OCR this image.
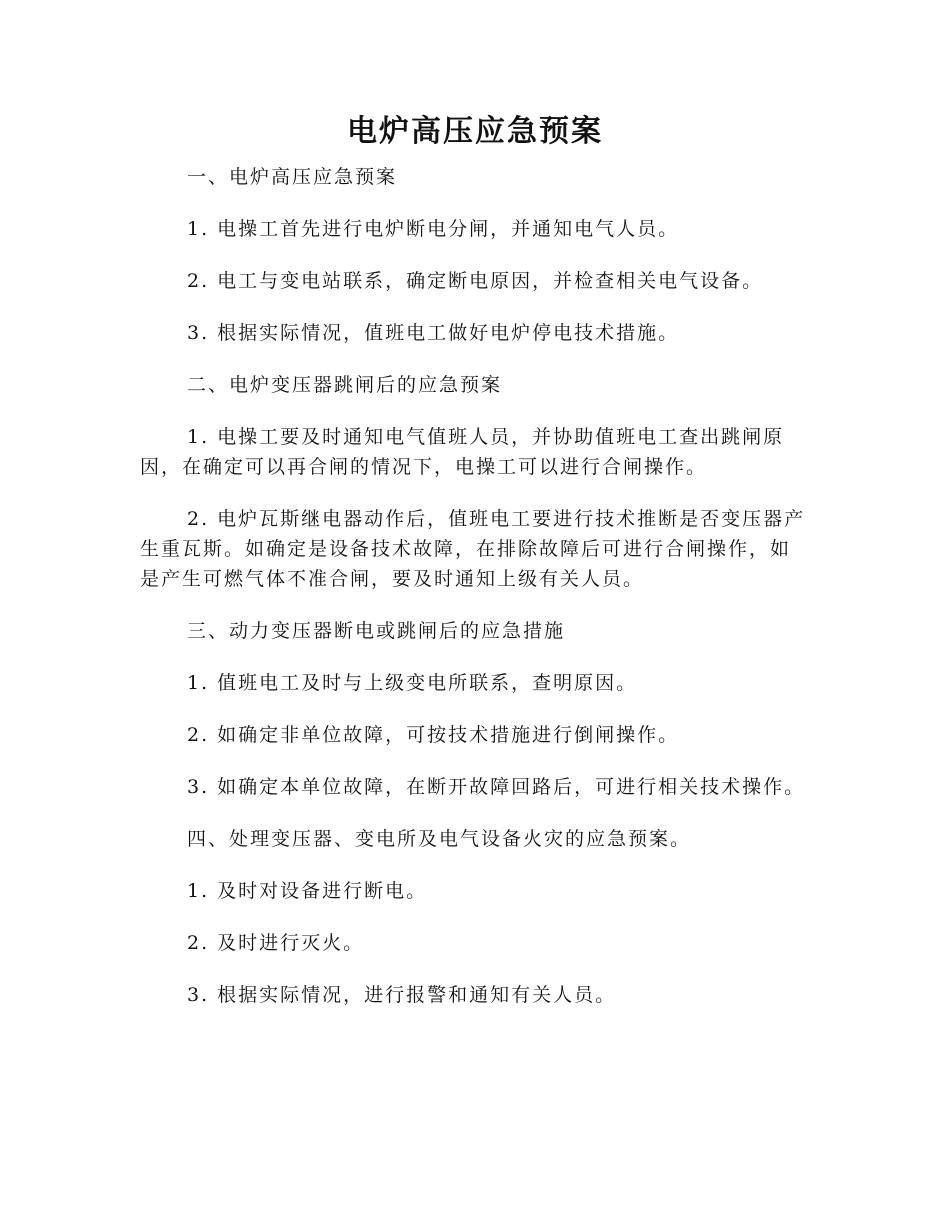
电炉高压应急预案

一、电炉高压应急预案

1. 电操工首先进行电炉断电分闸，并通知电气人员。

2. 电工与变电站联系，确定断电原因，并检查相关电气设备。

3. 根据实际情况，值班电工做好电炉停电技术措施。

二、电炉变压器跳闸后的应急预案

1. 电操工要及时通知电气值班人员，并协助值班电工查出跳闸原因，在确定可以再合闸的情况下，电操工可以进行合闸操作。

2. 电炉瓦斯继电器动作后，值班电工要进行技术推断是否变压器产生重瓦斯。如确定是设备技术故障，在排除故障后可进行合闸操作，如是产生可燃气体不准合闸，要及时通知上级有关人员。

三、动力变压器断电或跳闸后的应急措施

1. 值班电工及时与上级变电所联系，查明原因。

2. 如确定非单位故障，可按技术措施进行倒闸操作。

3. 如确定本单位故障，在断开故障回路后，可进行相关技术操作。

四、处理变压器、变电所及电气设备火灾的应急预案。

1. 及时对设备进行断电。

2. 及时进行灭火。

3. 根据实际情况，进行报警和通知有关人员。
